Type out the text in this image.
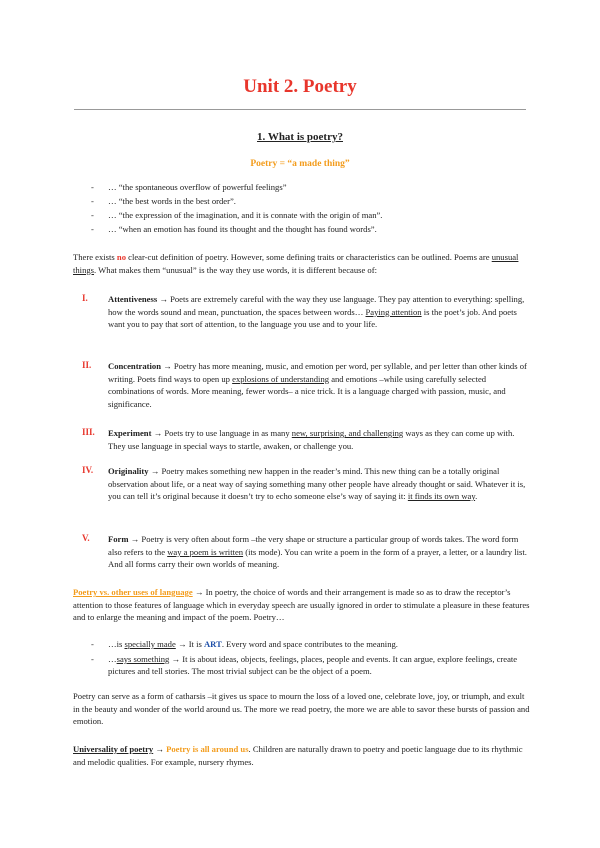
Unit 2. Poetry
1. What is poetry?
Poetry = “a made thing”
- … “the spontaneous overflow of powerful feelings”
- … “the best words in the best order”.
- … “the expression of the imagination, and it is connate with the origin of man”.
- … “when an emotion has found its thought and the thought has found words”.
There exists no clear-cut definition of poetry. However, some defining traits or characteristics can be outlined. Poems are unusual things. What makes them “unusual” is the way they use words, it is different because of:
I. Attentiveness → Poets are extremely careful with the way they use language. They pay attention to everything: spelling, how the words sound and mean, punctuation, the spaces between words… Paying attention is the poet’s job. And poets want you to pay that sort of attention, to the language you use and to your life.
II. Concentration → Poetry has more meaning, music, and emotion per word, per syllable, and per letter than other kinds of writing. Poets find ways to open up explosions of understanding and emotions –while using carefully selected combinations of words. More meaning, fewer words– a nice trick. It is a language charged with passion, music, and significance.
III. Experiment → Poets try to use language in as many new, surprising, and challenging ways as they can come up with. They use language in special ways to startle, awaken, or challenge you.
IV. Originality → Poetry makes something new happen in the reader’s mind. This new thing can be a totally original observation about life, or a neat way of saying something many other people have already thought or said. Whatever it is, you can tell it’s original because it doesn’t try to echo someone else’s way of saying it: it finds its own way.
V. Form → Poetry is very often about form –the very shape or structure a particular group of words takes. The word form also refers to the way a poem is written (its mode). You can write a poem in the form of a prayer, a letter, or a laundry list. And all forms carry their own worlds of meaning.
Poetry vs. other uses of language → In poetry, the choice of words and their arrangement is made so as to draw the receptor’s attention to those features of language which in everyday speech are usually ignored in order to stimulate a pleasure in these features and to enlarge the meaning and impact of the poem. Poetry…
- …is specially made → It is ART. Every word and space contributes to the meaning.
- …says something → It is about ideas, objects, feelings, places, people and events. It can argue, explore feelings, create pictures and tell stories. The most trivial subject can be the object of a poem.
Poetry can serve as a form of catharsis –it gives us space to mourn the loss of a loved one, celebrate love, joy, or triumph, and exult in the beauty and wonder of the world around us. The more we read poetry, the more we are able to savor these bursts of passion and emotion.
Universality of poetry → Poetry is all around us. Children are naturally drawn to poetry and poetic language due to its rhythmic and melodic qualities. For example, nursery rhymes.
